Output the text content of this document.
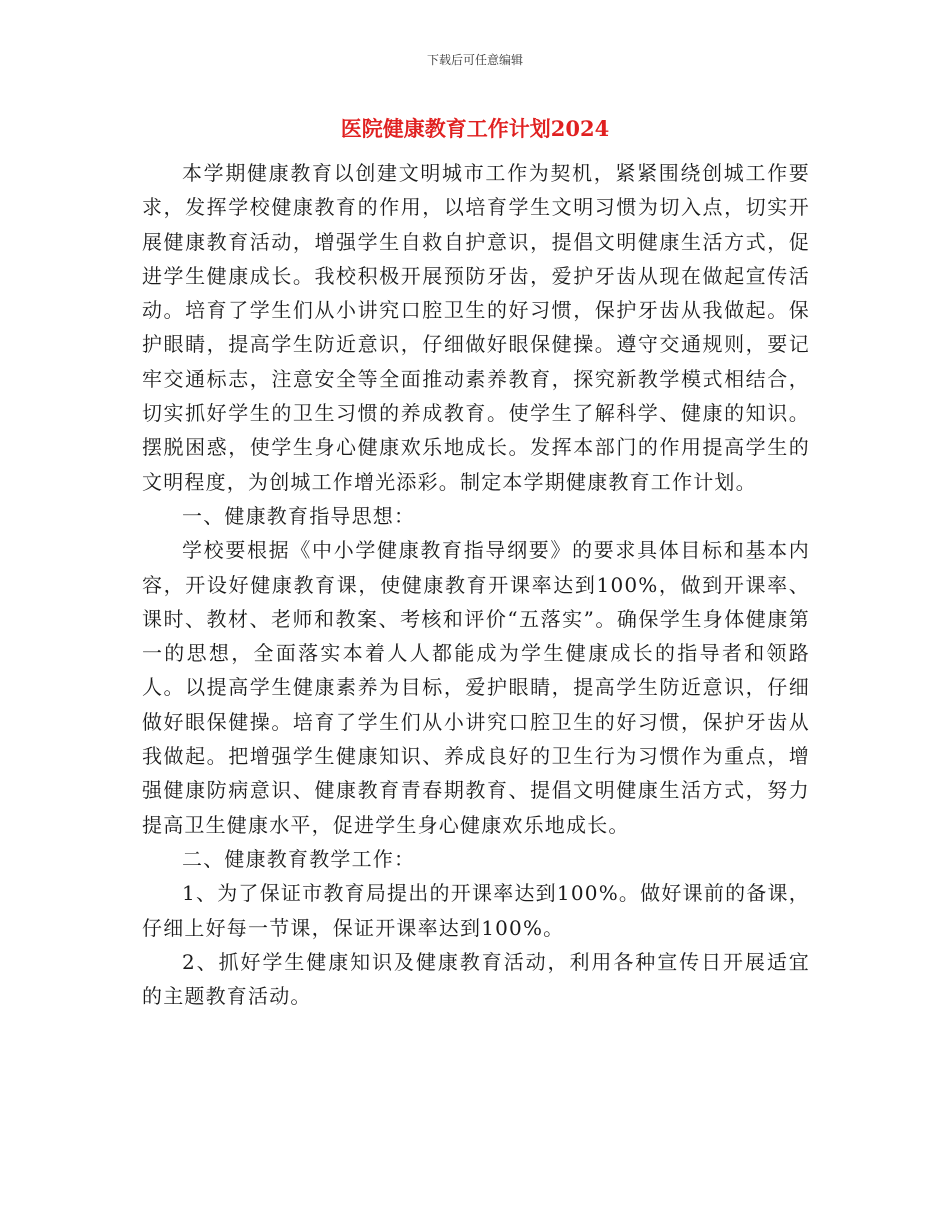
下载后可任意编辑
医院健康教育工作计划2024

本学期健康教育以创建文明城市工作为契机，紧紧围绕创城工作要求，发挥学校健康教育的作用，以培育学生文明习惯为切入点，切实开展健康教育活动，增强学生自救自护意识，提倡文明健康生活方式，促进学生健康成长。我校积极开展预防牙齿，爱护牙齿从现在做起宣传活动。培育了学生们从小讲究口腔卫生的好习惯，保护牙齿从我做起。保护眼睛，提高学生防近意识，仔细做好眼保健操。遵守交通规则，要记牢交通标志，注意安全等全面推动素养教育，探究新教学模式相结合，切实抓好学生的卫生习惯的养成教育。使学生了解科学、健康的知识。摆脱困惑，使学生身心健康欢乐地成长。发挥本部门的作用提高学生的文明程度，为创城工作增光添彩。制定本学期健康教育工作计划。

一、健康教育指导思想：

学校要根据《中小学健康教育指导纲要》的要求具体目标和基本内容，开设好健康教育课，使健康教育开课率达到100%，做到开课率、课时、教材、老师和教案、考核和评价“五落实”。确保学生身体健康第一的思想，全面落实本着人人都能成为学生健康成长的指导者和领路人。以提高学生健康素养为目标，爱护眼睛，提高学生防近意识，仔细做好眼保健操。培育了学生们从小讲究口腔卫生的好习惯，保护牙齿从我做起。把增强学生健康知识、养成良好的卫生行为习惯作为重点，增强健康防病意识、健康教育青春期教育、提倡文明健康生活方式，努力提高卫生健康水平，促进学生身心健康欢乐地成长。

二、健康教育教学工作：

1、为了保证市教育局提出的开课率达到100%。做好课前的备课，仔细上好每一节课，保证开课率达到100%。

2、抓好学生健康知识及健康教育活动，利用各种宣传日开展适宜的主题教育活动。
